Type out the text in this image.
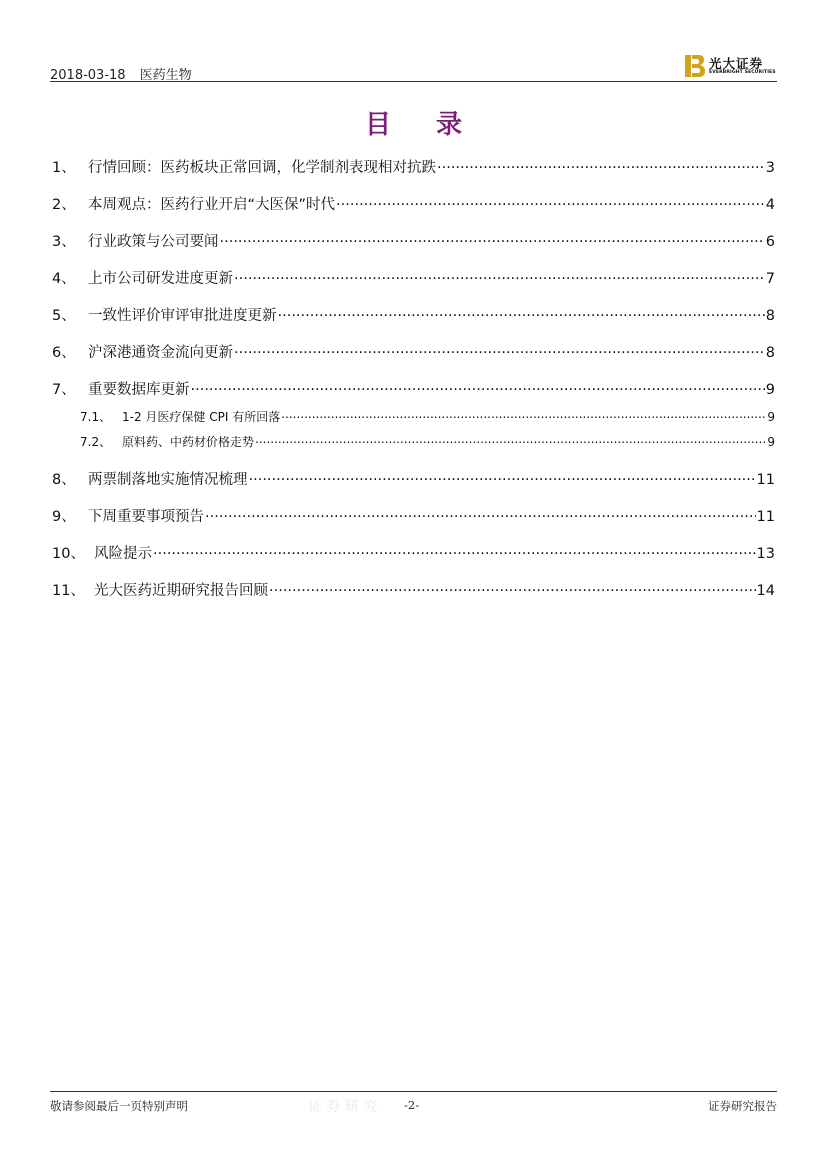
2018-03-18 医药生物
光大证券
EVERBRIGHT SECURITIES
目 录
1、 行情回顾：医药板块正常回调，化学制剂表现相对抗跌 .....	3
2、 本周观点：医药行业开启“大医保”时代 .....	4
3、 行业政策与公司要闻 .....	6
4、 上市公司研发进度更新 .....	7
5、 一致性评价审评审批进度更新 .....	8
6、 沪深港通资金流向更新 .....	8
7、 重要数据库更新 .....	9
7.1、 1-2 月医疗保健 CPI 有所回落 .....	9
7.2、 原料药、中药材价格走势 .....	9
8、 两票制落地实施情况梳理 .....	11
9、 下周重要事项预告 .....	11
10、 风险提示 .....	13
11、 光大医药近期研究报告回顾 .....	14
敬请参阅最后一页特别声明	证 券 研 究 -2-	证券研究报告
